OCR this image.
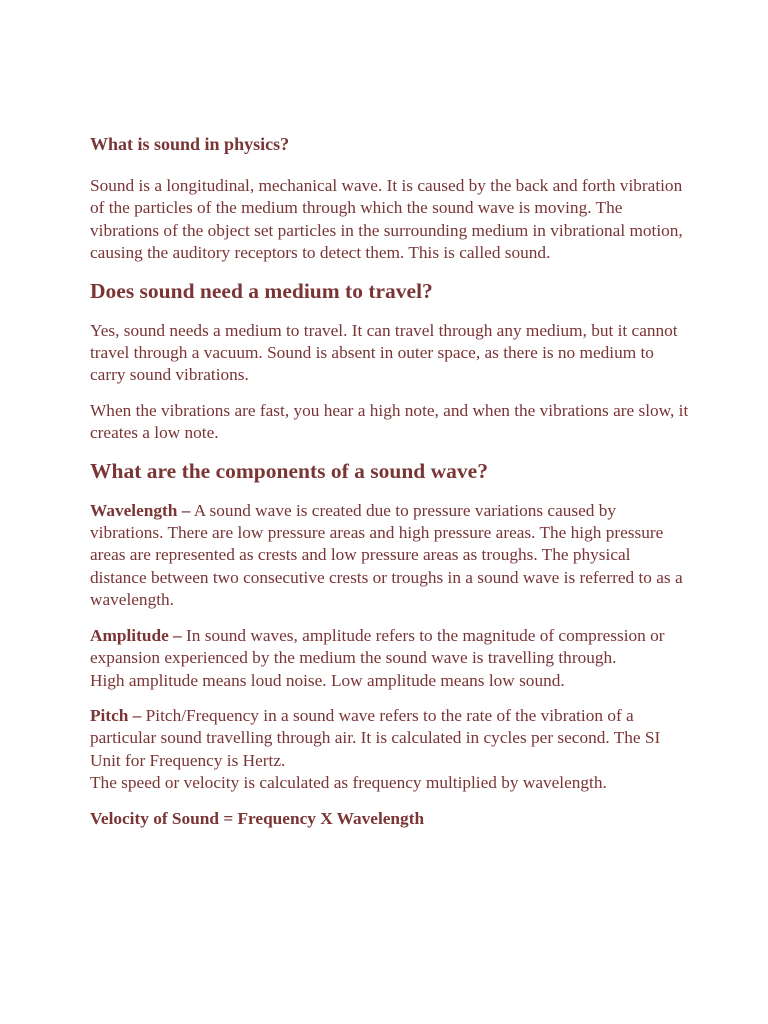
What is sound in physics?

Sound is a longitudinal, mechanical wave. It is caused by the back and forth vibration of the particles of the medium through which the sound wave is moving. The vibrations of the object set particles in the surrounding medium in vibrational motion, causing the auditory receptors to detect them. This is called sound.

Does sound need a medium to travel?

Yes, sound needs a medium to travel. It can travel through any medium, but it cannot travel through a vacuum. Sound is absent in outer space, as there is no medium to carry sound vibrations.

When the vibrations are fast, you hear a high note, and when the vibrations are slow, it creates a low note.

What are the components of a sound wave?

Wavelength – A sound wave is created due to pressure variations caused by vibrations. There are low pressure areas and high pressure areas. The high pressure areas are represented as crests and low pressure areas as troughs. The physical distance between two consecutive crests or troughs in a sound wave is referred to as a wavelength.

Amplitude – In sound waves, amplitude refers to the magnitude of compression or expansion experienced by the medium the sound wave is travelling through.
High amplitude means loud noise. Low amplitude means low sound.

Pitch – Pitch/Frequency in a sound wave refers to the rate of the vibration of a particular sound travelling through air. It is calculated in cycles per second. The SI Unit for Frequency is Hertz.
The speed or velocity is calculated as frequency multiplied by wavelength.

Velocity of Sound = Frequency X Wavelength
